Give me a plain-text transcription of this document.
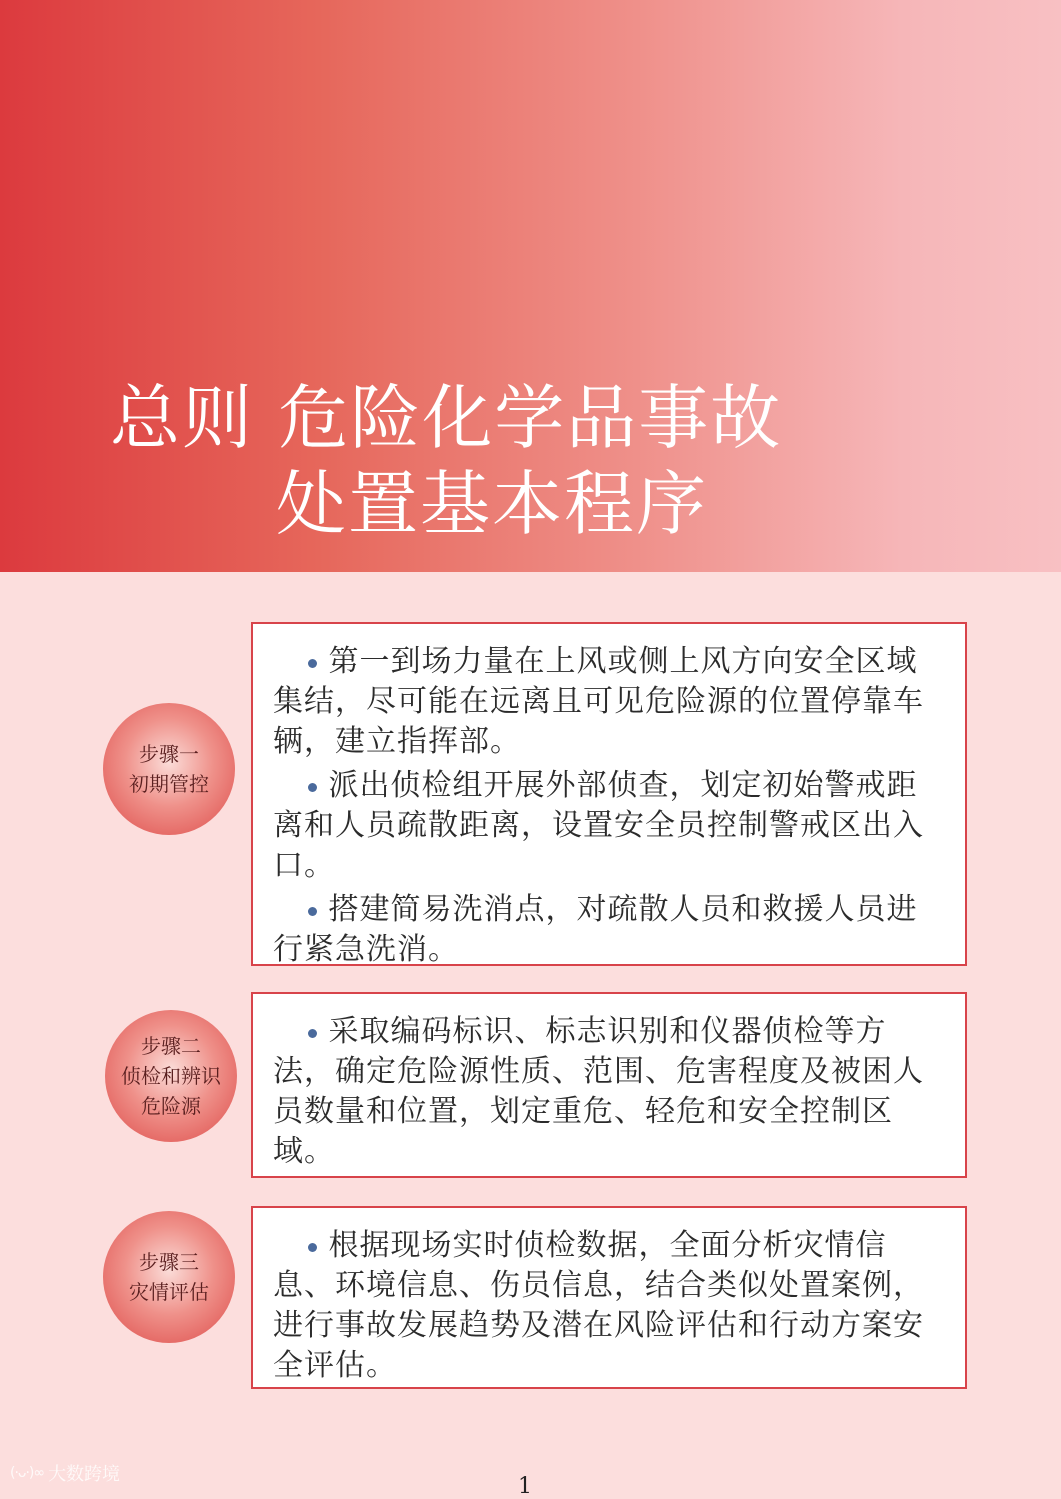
总则 危险化学品事故
处置基本程序
步骤一
初期管控

第一到场力量在上风或侧上风方向安全区域集结，尽可能在远离且可见危险源的位置停靠车辆，建立指挥部。

派出侦检组开展外部侦查，划定初始警戒距离和人员疏散距离，设置安全员控制警戒区出入口。

搭建简易洗消点，对疏散人员和救援人员进行紧急洗消。

步骤二
侦检和辨识
危险源

采取编码标识、标志识别和仪器侦检等方法，确定危险源性质、范围、危害程度及被困人员数量和位置，划定重危、轻危和安全控制区域。

步骤三
灾情评估

根据现场实时侦检数据，全面分析灾情信息、环境信息、伤员信息，结合类似处置案例，进行事故发展趋势及潜在风险评估和行动方案安全评估。

(·ᴗ·)∞ 大数跨境	1
